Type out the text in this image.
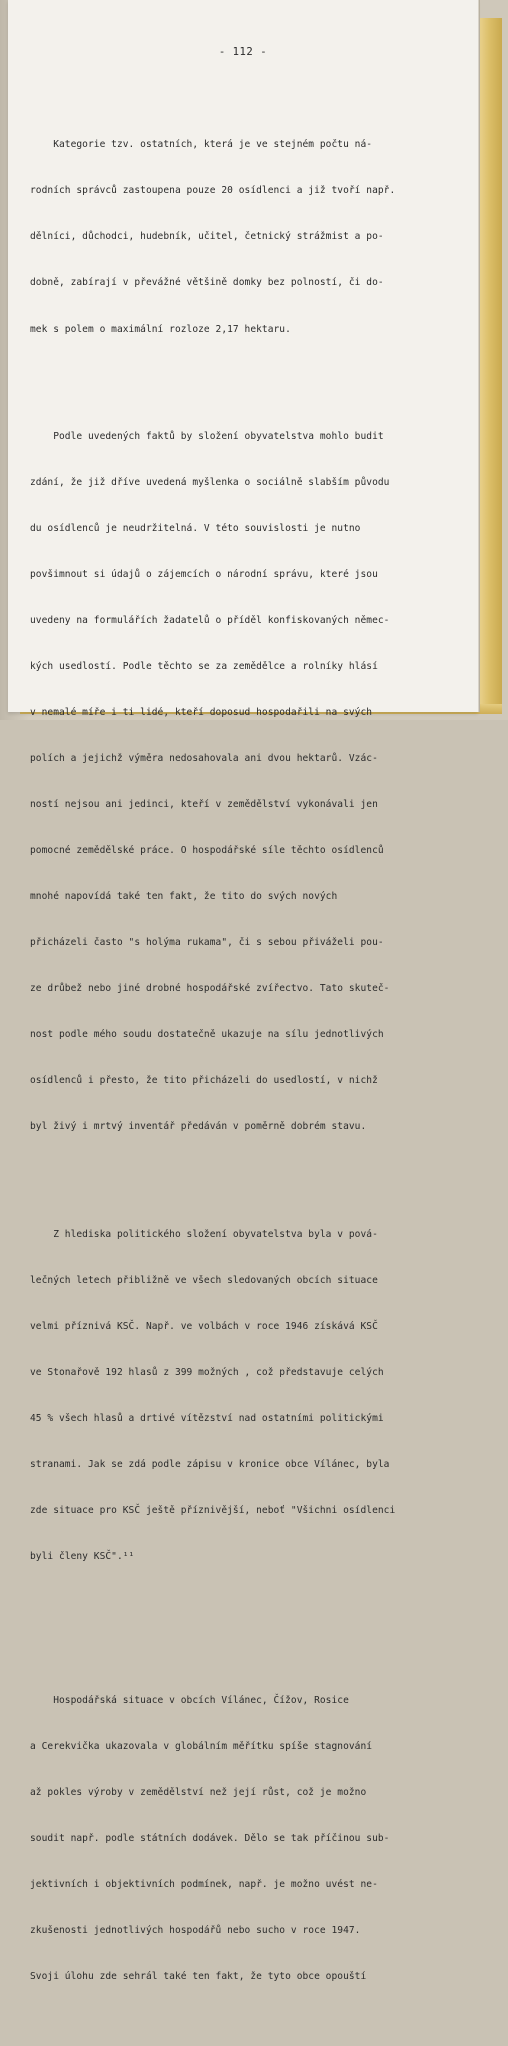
- 112 -

Kategorie tzv. ostatních, která je ve stejném počtu ná-

rodních správců zastoupena pouze 20 osídlenci a již tvoří např.

dělníci, důchodci, hudebník, učitel, četnický strážmist a po-

dobně, zabírají v převážné většině domky bez polností, či do-

mek s polem o maximální rozloze 2,17 hektaru.

Podle uvedených faktů by složení obyvatelstva mohlo budit

zdání, že již dříve uvedená myšlenka o sociálně slabším původu

du osídlenců je neudržitelná. V této souvislosti je nutno

povšimnout si údajů o zájemcích o národní správu, které jsou

uvedeny na formulářích žadatelů o příděl konfiskovaných němec-

kých usedlostí. Podle těchto se za zemědělce a rolníky hlásí

v nemalé míře i ti lidé, kteří doposud hospodařili na svých

polích a jejichž výměra nedosahovala ani dvou hektarů. Vzác-

ností nejsou ani jedinci, kteří v zemědělství vykonávali jen

pomocné zemědělské práce. O hospodářské síle těchto osídlenců

mnohé napovídá také ten fakt, že tito do svých nových

přicházeli často "s holýma rukama", či s sebou přiváželi pou-

ze drůbež nebo jiné drobné hospodářské zvířectvo. Tato skuteč-

nost podle mého soudu dostatečně ukazuje na sílu jednotlivých

osídlenců i přesto, že tito přicházeli do usedlostí, v nichž

byl živý i mrtvý inventář předáván v poměrně dobrém stavu.

Z hlediska politického složení obyvatelstva byla v pová-

lečných letech přibližně ve všech sledovaných obcích situace

velmi příznivá KSČ. Např. ve volbách v roce 1946 získává KSČ

ve Stonařově 192 hlasů z 399 možných , což představuje celých

45 % všech hlasů a drtivé vítězství nad ostatními politickými

stranami. Jak se zdá podle zápisu v kronice obce Vílánec, byla

zde situace pro KSČ ještě příznivější, neboť "Všichni osídlenci

byli členy KSČ".¹¹

Hospodářská situace v obcích Vílánec, Čížov, Rosice

a Cerekvička ukazovala v globálním měřítku spíše stagnování

až pokles výroby v zemědělství než její růst, což je možno

soudit např. podle státních dodávek. Dělo se tak příčinou sub-

jektivních i objektivních podmínek, např. je možno uvést ne-

zkušenosti jednotlivých hospodářů nebo sucho v roce 1947.

Svoji úlohu zde sehrál také ten fakt, že tyto obce opouští
